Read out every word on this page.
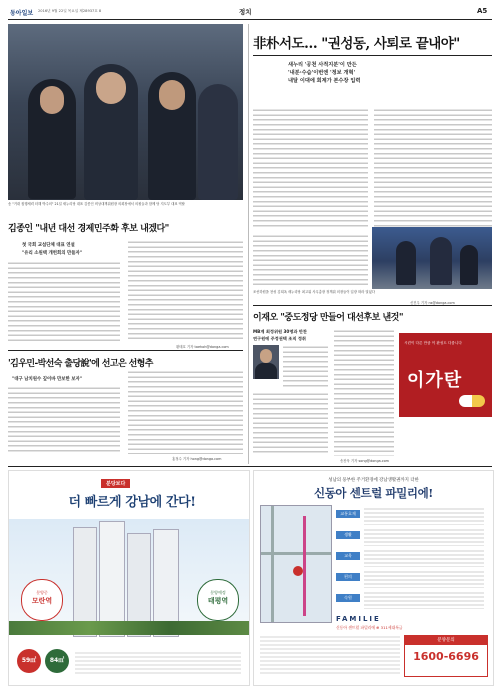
동아일보 2016년 9월 22일 목요일 제28937호 8	정치	A5
非朴서도… "권성동, 사퇴로 끝내야"
새누리 '공천 사적지분'이 만든
'내분·수습'이번엔 '정보 개혁'
내달 이대에 회계가 본수장 입력
조선하원을 찬성 김희옥 새누리당 최고위 사무총장 정책위 의장들이 입장 따라 열었다
신진우 기자 ns@donga.com
송 "거대 집행세력 터해 박주의" 21일 새누리당 대표 김종인 비상대책위원장 의회장에서 의원들과 함께 당 지도부 대표 역할
김종인 "내년 대선 경제민주화 후보 내겠다"
첫 국회 교섭단체 대표 연설
"유리 소원택 개헌회의 만들자"
황태호 기자 taehoh@donga.com
'김우민-박선숙 출당說'에 선고은 선형추
"대구 남치원수 깊이바 만보한 보자"
홍정수 기자 hong@donga.com
이재오 "중도정당 만들어 대선후보 낸것"
MB계 최정위원 30명과 만찬
연구원에 주정권택 조직 정취
송찬욱 기자 song@donga.com
시련이 다른 만큼 이 완성도 다릅니다
이가탄
분당보다
더 빠르게 강남에 간다!
분양중
모란역
분양예정
태평역
59㎡	84㎡
성남의 풍부한 주거환경에 강남생활권까지 더한
신동아 센트럴 파밀리에!
교통호재
생활
교육
편의
숙원
FAMILIE
신동아 센트럴 파밀리에 ⊕ 311세대특급
분양문의
1600-6696
